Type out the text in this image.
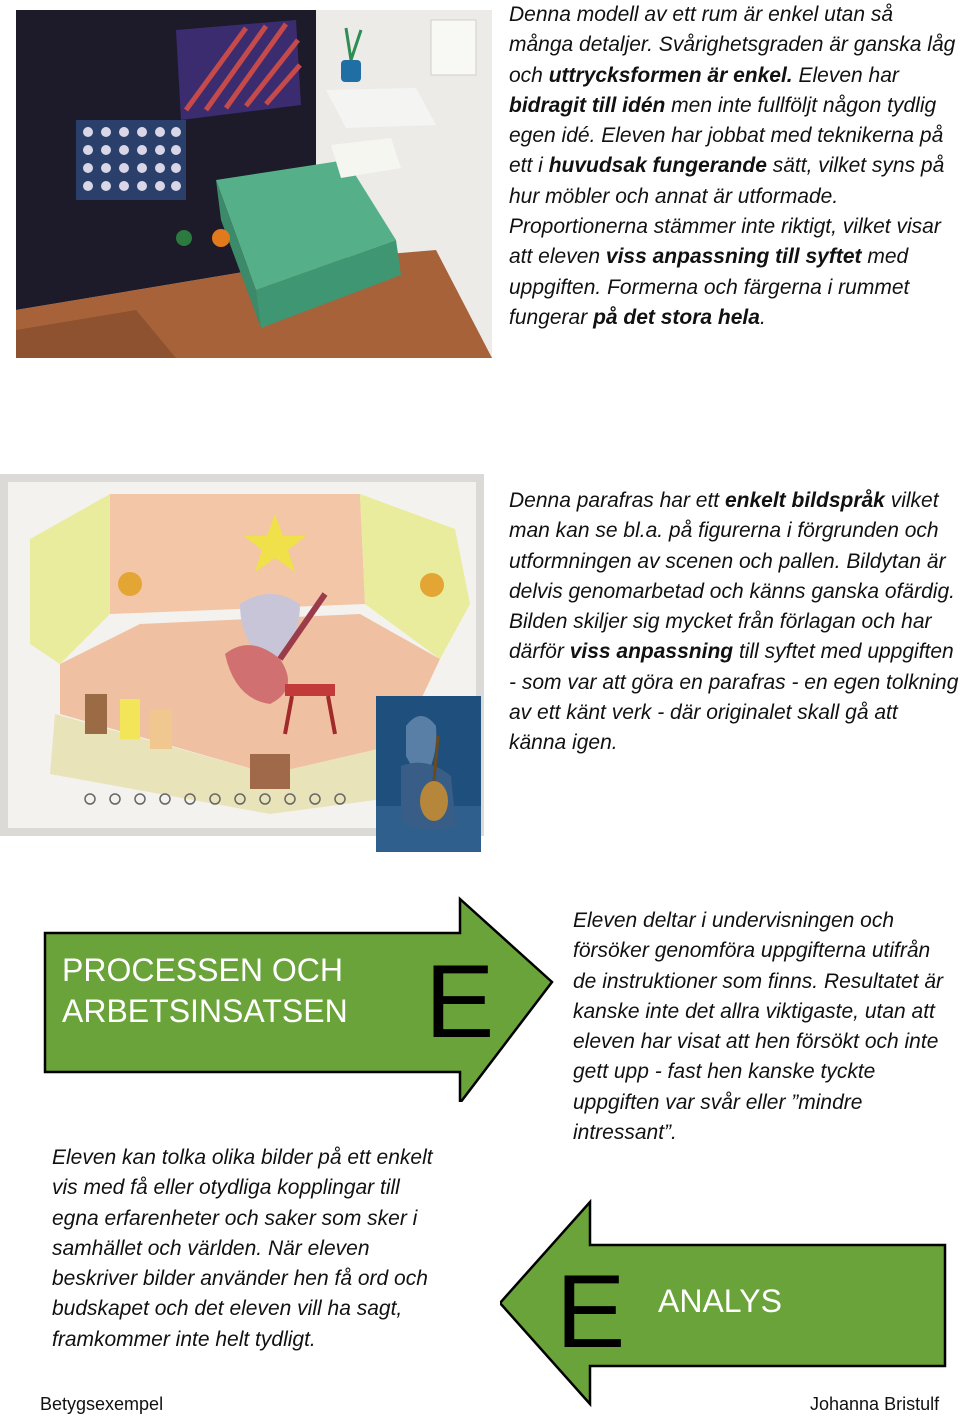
Denna modell av ett rum är enkel utan så många detaljer. Svårighetsgraden är ganska låg och uttrycksformen är enkel. Eleven har bidragit till idén men inte fullföljt någon tydlig egen idé. Eleven har jobbat med teknikerna på ett i huvudsak fungerande sätt, vilket syns på hur möbler och annat är utformade. Proportionerna stämmer inte riktigt, vilket visar att eleven viss anpassning till syftet med uppgiften. Formerna och färgerna i rummet fungerar på det stora hela.
Denna parafras har ett enkelt bildspråk vilket man kan se bl.a. på figurerna i förgrunden och utformningen av scenen och pallen. Bildytan är delvis genomarbetad och känns ganska ofärdig. Bilden skiljer sig mycket från förlagan och har därför viss anpassning till syftet med uppgiften - som var att göra en parafras - en egen tolkning av ett känt verk - där originalet skall gå att känna igen.
PROCESSEN OCH
ARBETSINSATSEN E
Eleven deltar i undervisningen och försöker genomföra uppgifterna utifrån de instruktioner som finns. Resultatet är kanske inte det allra viktigaste, utan att eleven har visat att hen försökt och inte gett upp - fast hen kanske tyckte uppgiften var svår eller ”mindre intressant”.
Eleven kan tolka olika bilder på ett enkelt vis med få eller otydliga kopplingar till egna erfarenheter och saker som sker i samhället och världen. När eleven beskriver bilder använder hen få ord och budskapet och det eleven vill ha sagt, framkommer inte helt tydligt.	E ANALYS
Betygsexempel	Johanna Bristulf
